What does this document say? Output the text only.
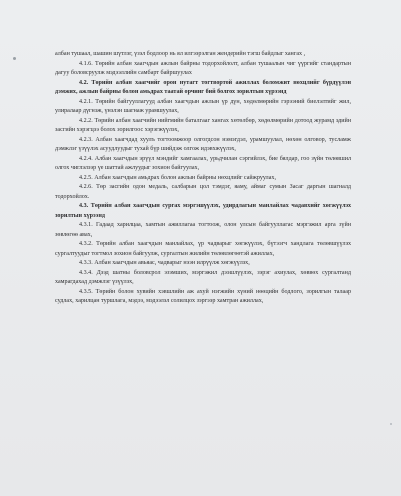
албан тушаал, шашин шүтлэг, үзэл бодлоор нь ял илгээрэлган жендерийн тэгш байдлыг хангах ,

4.1.6. Төрийн албан хаагчдын ажлын байрны тодорхойлолт, албан тушаалын чиг үүргийг стандартын дагуу боловсруулж мэдээллийн самбарт байршуулах

4.2. Төрийн албан хаагчийг орон нутагт тогтвортой ажиллах боломжит нөхцлийг бүрдүүлэн дэмжих, ажлын байрны болон амьдрах таатай орчинг бий болгох зорилтын хүрээнд

4.2.1. Төрийн байгууллагууд албан хаагчдын ажлын үр дүн, хөдөлмөрийн гэрээний биелэлтийг жил, улиралаар дүгнэж, үнэлэн шагнаж урамшуулах,

4.2.2. Төрийн албан хаагчийн нийгмийн баталгааг хангах хөтөлбөр, хөдөлмөрийн дотоод журамд эдийн засгийн хэрэгцээ болох зорилгоос хэрэгжүүлэх,

4.2.3. Албан хаагчдад хуулъ тогтоомжоор олгогдсон нэмэгдэл, урамшуулал, нөхөн олговор, тусламж дэмжлэг үзүүлэх асуудлуудыг тухай бүр шийдэж олгож идэвхжүүлэх,

4.2.4. Албан хаагчдын эрүүл мэндийг хамгаалах, урьдчилан сэргийлэх, бие бялдар, гоо зүйн төлөвшил олгох чиглэлээр үе шаттай ажлуудыг зохион байгуулах,

4.2.5. Албан хаагчдын амьдрах болон ажлын байрны нөхцлийг сайжруулах,

4.2.6. Төр засгийн одон медаль, салбарын цол тэмдэг, яаму, аймаг сумын Засаг даргын шагналд тодорхойлох.

4.3. Төрийн албан хаагчдын сургах мэргэшүүлэх, удирдлагын манлайлах чадавхийг хөгжүүлэх зорилтын хүрээнд

4.3.1. Гадаад харилцаа, хамтын ажиллагаа тогтоож, олон улсын байгууллагас мэргэжил арга зүйн зөвлөгөө авах,

4.3.2. Төрийн албан хаагчдын манлайлах, үр чадварыг хөгжүүлэх, бүтээгч хандлага төлөвшүүлэх сургалтуудыг тогтмол зохион байгуулж, сургалтын жилийн төлөвлөгөөтэй ажиллах,

4.3.3. Албан хаагчдын авьяас, чадварыг нээн илрүүлж хөгжүүлэх,

4.3.4. Дээд шатны боловсрол эзэмших, мэргэжил дээшлүүлэх, зэрэг ахиулах, хөввөх сургалтанд хамрагдахад дэмжлэг үзүүлэх,

4.3.5. Төрийн болон хувийн хэвшлийн аж ахуй нэгжийн хүний нөөцийн бодлого, зорилгын талаар судлах, харилцан туршлага, мэдээ, мэдээлэл солилцох зэргээр хамтран ажиллах,
